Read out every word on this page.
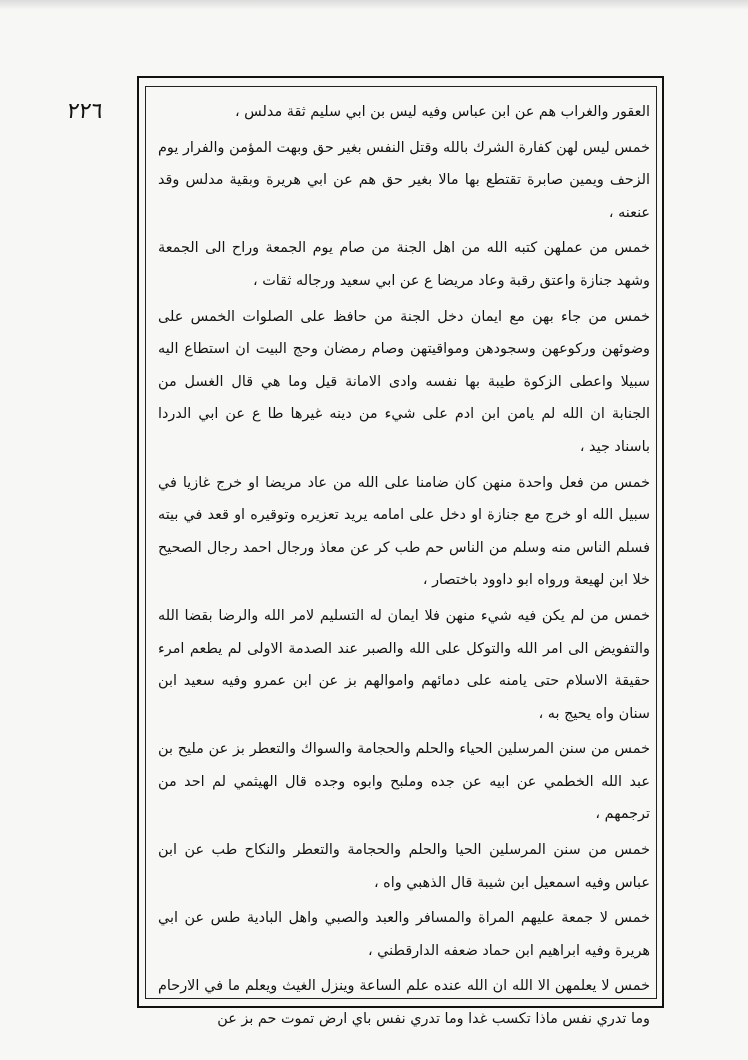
٢٢٦	العقور والغراب هم عن ابن عباس وفيه ليس بن ابي سليم ثقة مدلس ،

خمس ليس لهن كفارة الشرك بالله وقتل النفس بغير حق وبهت المؤمن والفرار يوم الزحف ويمين صابرة تقتطع بها مالا بغير حق هم عن ابي هريرة وبقية مدلس وقد عنعنه ،

خمس من عملهن كتبه الله من اهل الجنة من صام يوم الجمعة وراح الى الجمعة وشهد جنازة واعتق رقبة وعاد مريضا ع عن ابي سعيد ورجاله ثقات ،

خمس من جاء بهن مع ايمان دخل الجنة من حافظ على الصلوات الخمس على وضوئهن وركوعهن وسجودهن ومواقيتهن وصام رمضان وحج البيت ان استطاع اليه سبيلا واعطى الزكوة طيبة بها نفسه وادى الامانة قيل وما هي قال الغسل من الجنابة ان الله لم يامن ابن ادم على شيء من دينه غيرها طا ع عن ابي الدردا باسناد جيد ،

خمس من فعل واحدة منهن كان ضامنا على الله من عاد مريضا او خرج غازيا في سبيل الله او خرج مع جنازة او دخل على امامه يريد تعزيره وتوقيره او قعد في بيته فسلم الناس منه وسلم من الناس حم طب كر عن معاذ ورجال احمد رجال الصحيح خلا ابن لهيعة ورواه ابو داوود باختصار ،

خمس من لم يكن فيه شيء منهن فلا ايمان له التسليم لامر الله والرضا بقضا الله والتفويض الى امر الله والتوكل على الله والصبر عند الصدمة الاولى لم يطعم امرء حقيقة الاسلام حتى يامنه على دمائهم واموالهم بز عن ابن عمرو وفيه سعيد ابن سنان واه يحيج به ،

خمس من سنن المرسلين الحياء والحلم والحجامة والسواك والتعطر بز عن مليح بن عبد الله الخطمي عن ابيه عن جده وملبح وابوه وجده قال الهيثمي لم احد من ترجمهم ،

خمس من سنن المرسلين الحيا والحلم والحجامة والتعطر والنكاح طب عن ابن عباس وفيه اسمعيل ابن شيبة قال الذهبي واه ،

خمس لا جمعة عليهم المراة والمسافر والعبد والصبي واهل البادية طس عن ابي هريرة وفيه ابراهيم ابن حماد ضعفه الدارقطني ،

خمس لا يعلمهن الا الله ان الله عنده علم الساعة وينزل الغيث ويعلم ما في الارحام وما تدري نفس ماذا تكسب غدا وما تدري نفس باي ارض تموت حم بز عن
